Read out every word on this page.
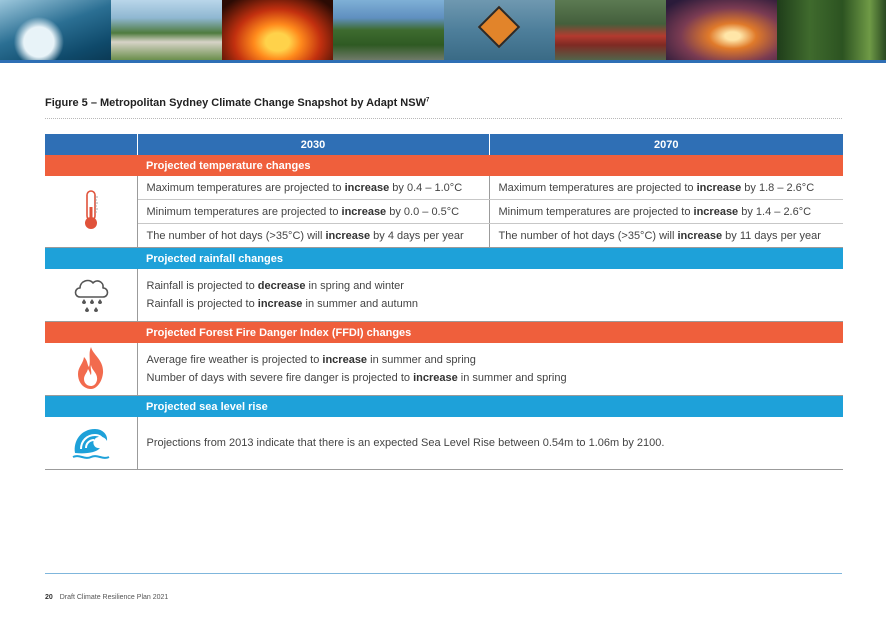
Figure 5 – Metropolitan Sydney Climate Change Snapshot by Adapt NSW$^7$
	2030	2070
	Projected temperature changes	
	Maximum temperatures are projected to increase by 0.4 – 1.0°C	Maximum temperatures are projected to increase by 1.8 – 2.6°C
	Minimum temperatures are projected to increase by 0.0 – 0.5°C	Minimum temperatures are projected to increase by 1.4 – 2.6°C
	The number of hot days (>35°C) will increase by 4 days per year	The number of hot days (>35°C) will increase by 11 days per year
	Projected rainfall changes	

Rainfall is projected to decrease in spring and winter
Rainfall is projected to increase in summer and autumn	

	Projected Forest Fire Danger Index (FFDI) changes	

Average fire weather is projected to increase in summer and spring
Number of days with severe fire danger is projected to increase in summer and spring	

	Projected sea level rise	
	Projections from 2013 indicate that there is an expected Sea Level Rise between 0.54m to 1.06m by 2100.	
20 Draft Climate Resilience Plan 2021
